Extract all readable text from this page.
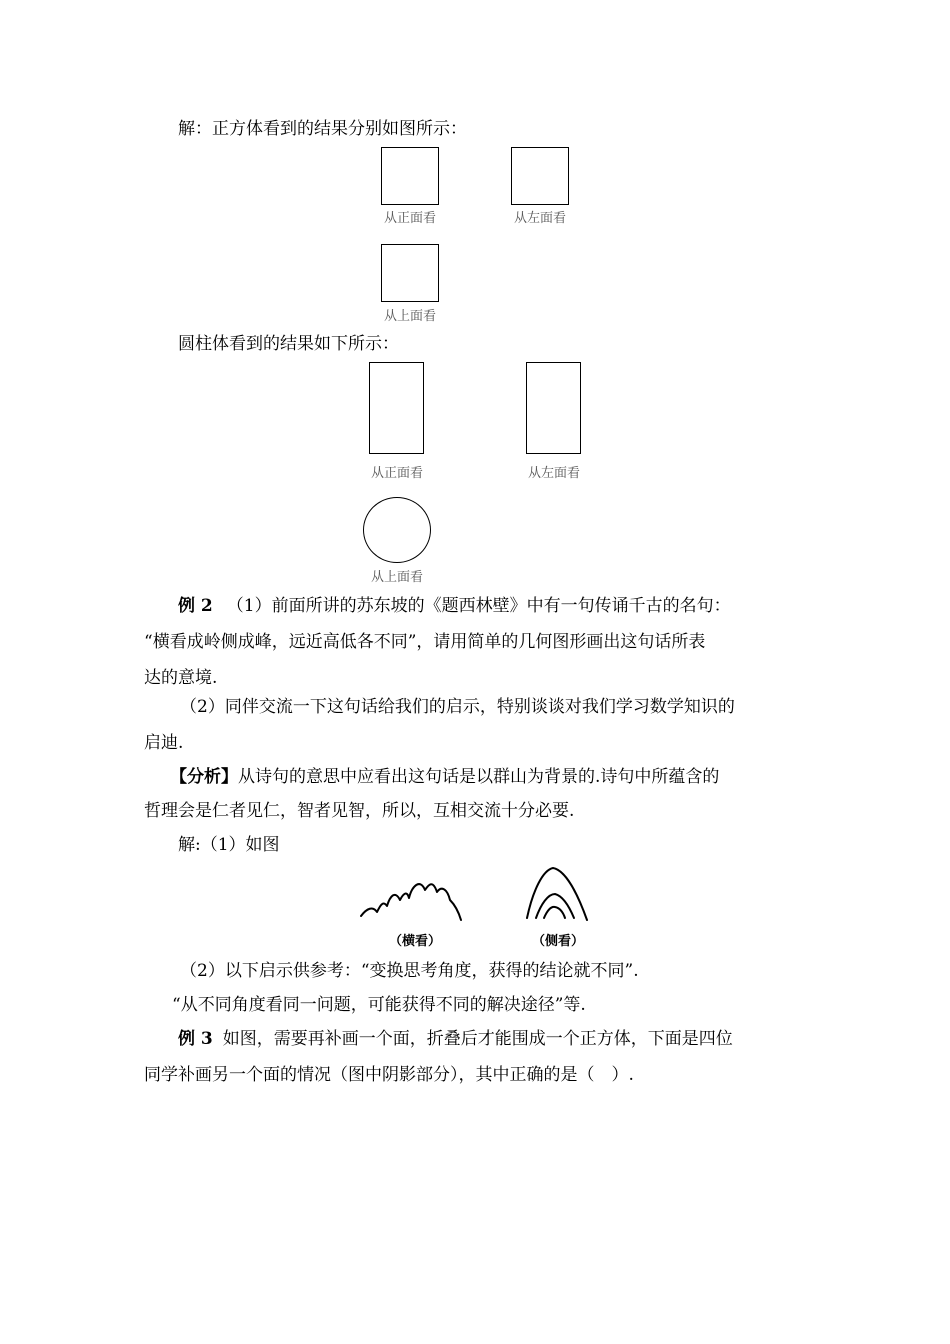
解：正方体看到的结果分别如图所示：
从正面看	从左面看
从上面看
圆柱体看到的结果如下所示：
从正面看	从左面看
从上面看
例 2 （1）前面所讲的苏东坡的《题西林壁》中有一句传诵千古的名句：
“横看成岭侧成峰，远近高低各不同”，请用简单的几何图形画出这句话所表
达的意境.
（2）同伴交流一下这句话给我们的启示，特别谈谈对我们学习数学知识的
启迪.
【分析】从诗句的意思中应看出这句话是以群山为背景的.诗句中所蕴含的
哲理会是仁者见仁，智者见智，所以，互相交流十分必要.
解:（1）如图
（横看）	（侧看）
（2）以下启示供参考：“变换思考角度，获得的结论就不同”.
“从不同角度看同一问题，可能获得不同的解决途径”等.
例 3 如图，需要再补画一个面，折叠后才能围成一个正方体，下面是四位
同学补画另一个面的情况（图中阴影部分），其中正确的是（　）.
